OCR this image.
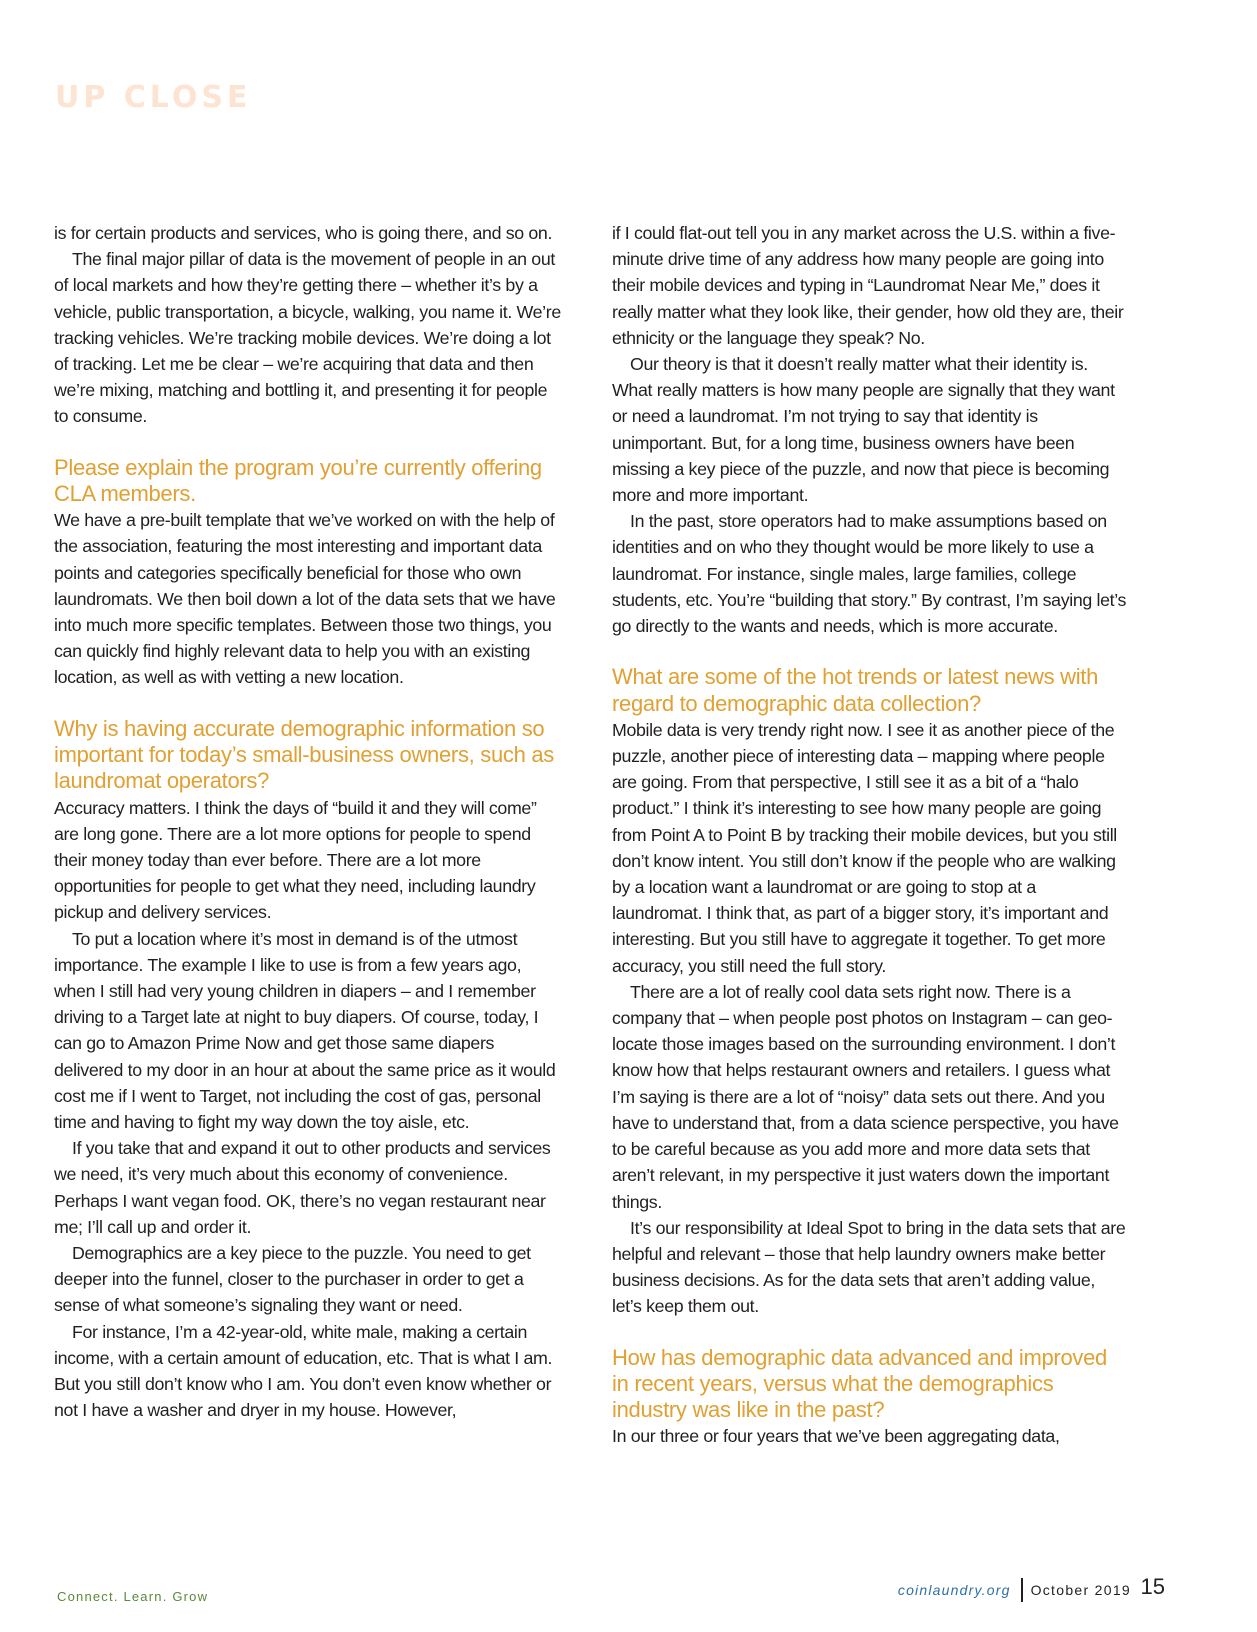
UP CLOSE

is for certain products and services, who is going there, and so on.

The final major pillar of data is the movement of people in an out of local markets and how they’re getting there – whether it’s by a vehicle, public transportation, a bicycle, walking, you name it. We’re tracking vehicles. We’re tracking mobile devices. We’re doing a lot of tracking. Let me be clear – we’re acquiring that data and then we’re mixing, matching and bottling it, and presenting it for people to consume.

Please explain the program you’re currently offering CLA members.

We have a pre-built template that we’ve worked on with the help of the association, featuring the most interesting and important data points and categories specifically beneficial for those who own laundromats. We then boil down a lot of the data sets that we have into much more specific templates. Between those two things, you can quickly find highly relevant data to help you with an existing location, as well as with vetting a new location.

Why is having accurate demographic information so important for today’s small-business owners, such as laundromat operators?

Accuracy matters. I think the days of “build it and they will come” are long gone. There are a lot more options for people to spend their money today than ever before. There are a lot more opportunities for people to get what they need, including laundry pickup and delivery services.

To put a location where it’s most in demand is of the utmost importance. The example I like to use is from a few years ago, when I still had very young children in diapers – and I remember driving to a Target late at night to buy diapers. Of course, today, I can go to Amazon Prime Now and get those same diapers delivered to my door in an hour at about the same price as it would cost me if I went to Target, not including the cost of gas, personal time and having to fight my way down the toy aisle, etc.

If you take that and expand it out to other products and services we need, it’s very much about this economy of convenience. Perhaps I want vegan food. OK, there’s no vegan restaurant near me; I’ll call up and order it.

Demographics are a key piece to the puzzle. You need to get deeper into the funnel, closer to the purchaser in order to get a sense of what someone’s signaling they want or need.

For instance, I’m a 42-year-old, white male, making a certain income, with a certain amount of education, etc. That is what I am. But you still don’t know who I am. You don’t even know whether or not I have a washer and dryer in my house. However,

if I could flat-out tell you in any market across the U.S. within a five-minute drive time of any address how many people are going into their mobile devices and typing in “Laundromat Near Me,” does it really matter what they look like, their gender, how old they are, their ethnicity or the language they speak? No.

Our theory is that it doesn’t really matter what their identity is. What really matters is how many people are signally that they want or need a laundromat. I’m not trying to say that identity is unimportant. But, for a long time, business owners have been missing a key piece of the puzzle, and now that piece is becoming more and more important.

In the past, store operators had to make assumptions based on identities and on who they thought would be more likely to use a laundromat. For instance, single males, large families, college students, etc. You’re “building that story.” By contrast, I’m saying let’s go directly to the wants and needs, which is more accurate.

What are some of the hot trends or latest news with regard to demographic data collection?

Mobile data is very trendy right now. I see it as another piece of the puzzle, another piece of interesting data – mapping where people are going. From that perspective, I still see it as a bit of a “halo product.” I think it’s interesting to see how many people are going from Point A to Point B by tracking their mobile devices, but you still don’t know intent. You still don’t know if the people who are walking by a location want a laundromat or are going to stop at a laundromat. I think that, as part of a bigger story, it’s important and interesting. But you still have to aggregate it together. To get more accuracy, you still need the full story.

There are a lot of really cool data sets right now. There is a company that – when people post photos on Instagram – can geo-locate those images based on the surrounding environment. I don’t know how that helps restaurant owners and retailers. I guess what I’m saying is there are a lot of “noisy” data sets out there. And you have to understand that, from a data science perspective, you have to be careful because as you add more and more data sets that aren’t relevant, in my perspective it just waters down the important things.

It’s our responsibility at Ideal Spot to bring in the data sets that are helpful and relevant – those that help laundry owners make better business decisions. As for the data sets that aren’t adding value, let’s keep them out.

How has demographic data advanced and improved in recent years, versus what the demographics industry was like in the past?

In our three or four years that we’ve been aggregating data,

Connect. Learn. Grow	coinlaundry.org October 2019 15
